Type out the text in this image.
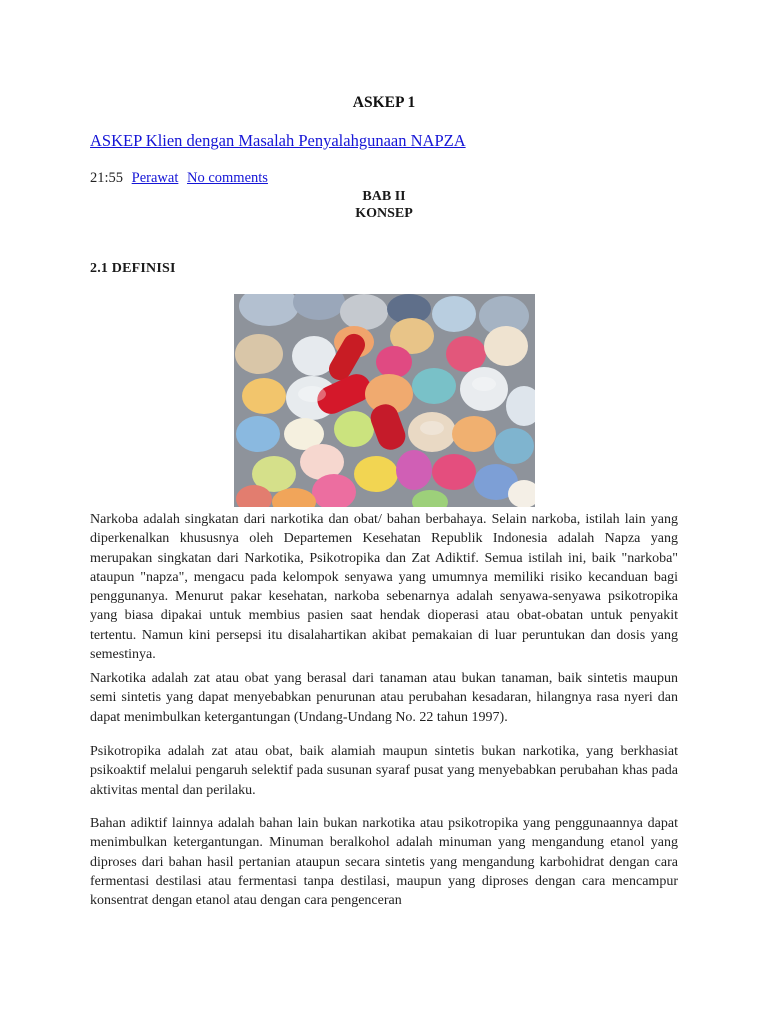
ASKEP 1
ASKEP Klien dengan Masalah Penyalahgunaan NAPZA
21:55 Perawat No comments
BAB II
KONSEP
2.1 DEFINISI

Narkoba adalah singkatan dari narkotika dan obat/ bahan berbahaya. Selain narkoba, istilah lain yang diperkenalkan khususnya oleh Departemen Kesehatan Republik Indonesia adalah Napza yang merupakan singkatan dari Narkotika, Psikotropika dan Zat Adiktif. Semua istilah ini, baik "narkoba" ataupun "napza", mengacu pada kelompok senyawa yang umumnya memiliki risiko kecanduan bagi penggunanya. Menurut pakar kesehatan, narkoba sebenarnya adalah senyawa-senyawa psikotropika yang biasa dipakai untuk membius pasien saat hendak dioperasi atau obat-obatan untuk penyakit tertentu. Namun kini persepsi itu disalahartikan akibat pemakaian di luar peruntukan dan dosis yang semestinya.

Narkotika adalah zat atau obat yang berasal dari tanaman atau bukan tanaman, baik sintetis maupun semi sintetis yang dapat menyebabkan penurunan atau perubahan kesadaran, hilangnya rasa nyeri dan dapat menimbulkan ketergantungan (Undang-Undang No. 22 tahun 1997).

Psikotropika adalah zat atau obat, baik alamiah maupun sintetis bukan narkotika, yang berkhasiat psikoaktif melalui pengaruh selektif pada susunan syaraf pusat yang menyebabkan perubahan khas pada aktivitas mental dan perilaku.

Bahan adiktif lainnya adalah bahan lain bukan narkotika atau psikotropika yang penggunaannya dapat menimbulkan ketergantungan. Minuman beralkohol adalah minuman yang mengandung etanol yang diproses dari bahan hasil pertanian ataupun secara sintetis yang mengandung karbohidrat dengan cara fermentasi destilasi atau fermentasi tanpa destilasi, maupun yang diproses dengan cara mencampur konsentrat dengan etanol atau dengan cara pengenceran
